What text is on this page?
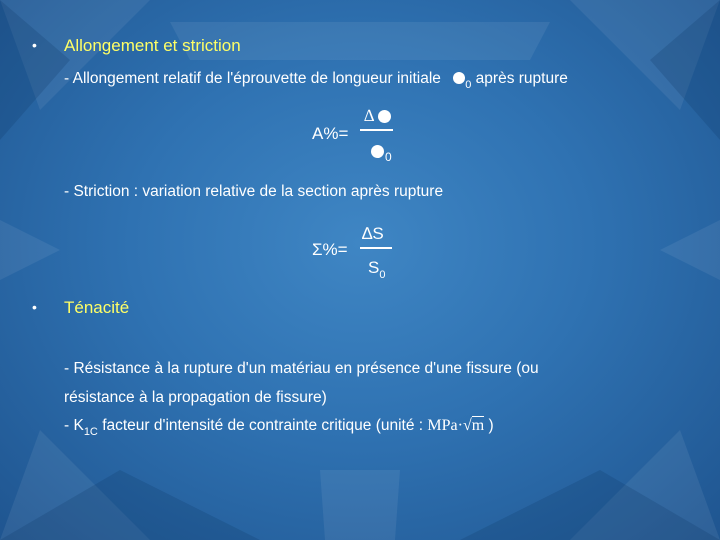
• Allongement et striction
- Allongement relatif de l'éprouvette de longueur initiale $_0$ après rupture
A%=
∆
0
- Striction : variation relative de la section après rupture
Σ%=
∆S
$S_0$
• Ténacité
- Résistance à la rupture d'un matériau en présence d'une fissure (ou
résistance à la propagation de fissure)
- $K_{1C}$ facteur d'intensité de contrainte critique (unité : MPa·√m )
